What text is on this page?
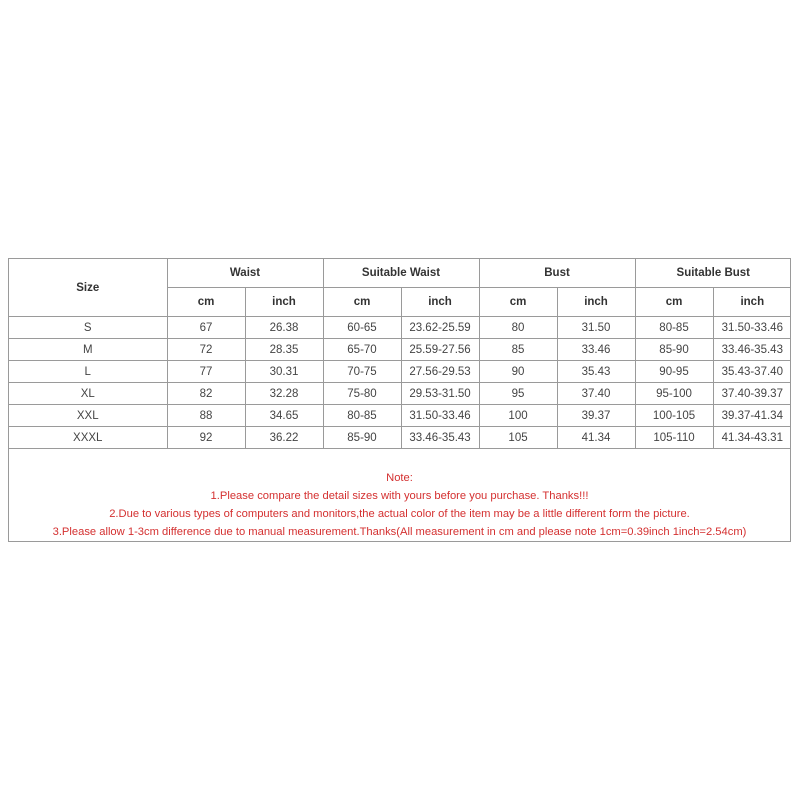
Size	Waist		Suitable Waist		Bust		Suitable Bust	
	cm	inch	cm	inch	cm	inch	cm	inch
S	67	26.38	60-65	23.62-25.59	80	31.50	80-85	31.50-33.46
M	72	28.35	65-70	25.59-27.56	85	33.46	85-90	33.46-35.43
L	77	30.31	70-75	27.56-29.53	90	35.43	90-95	35.43-37.40
XL	82	32.28	75-80	29.53-31.50	95	37.40	95-100	37.40-39.37
XXL	88	34.65	80-85	31.50-33.46	100	39.37	100-105	39.37-41.34
XXXL	92	36.22	85-90	33.46-35.43	105	41.34	105-110	41.34-43.31
Note:
1.Please compare the detail sizes with yours before you purchase. Thanks!!!
2.Due to various types of computers and monitors,the actual color of the item may be a little different form the picture.
3.Please allow 1-3cm difference due to manual measurement.Thanks(All measurement in cm and please note 1cm=0.39inch 1inch=2.54cm)
